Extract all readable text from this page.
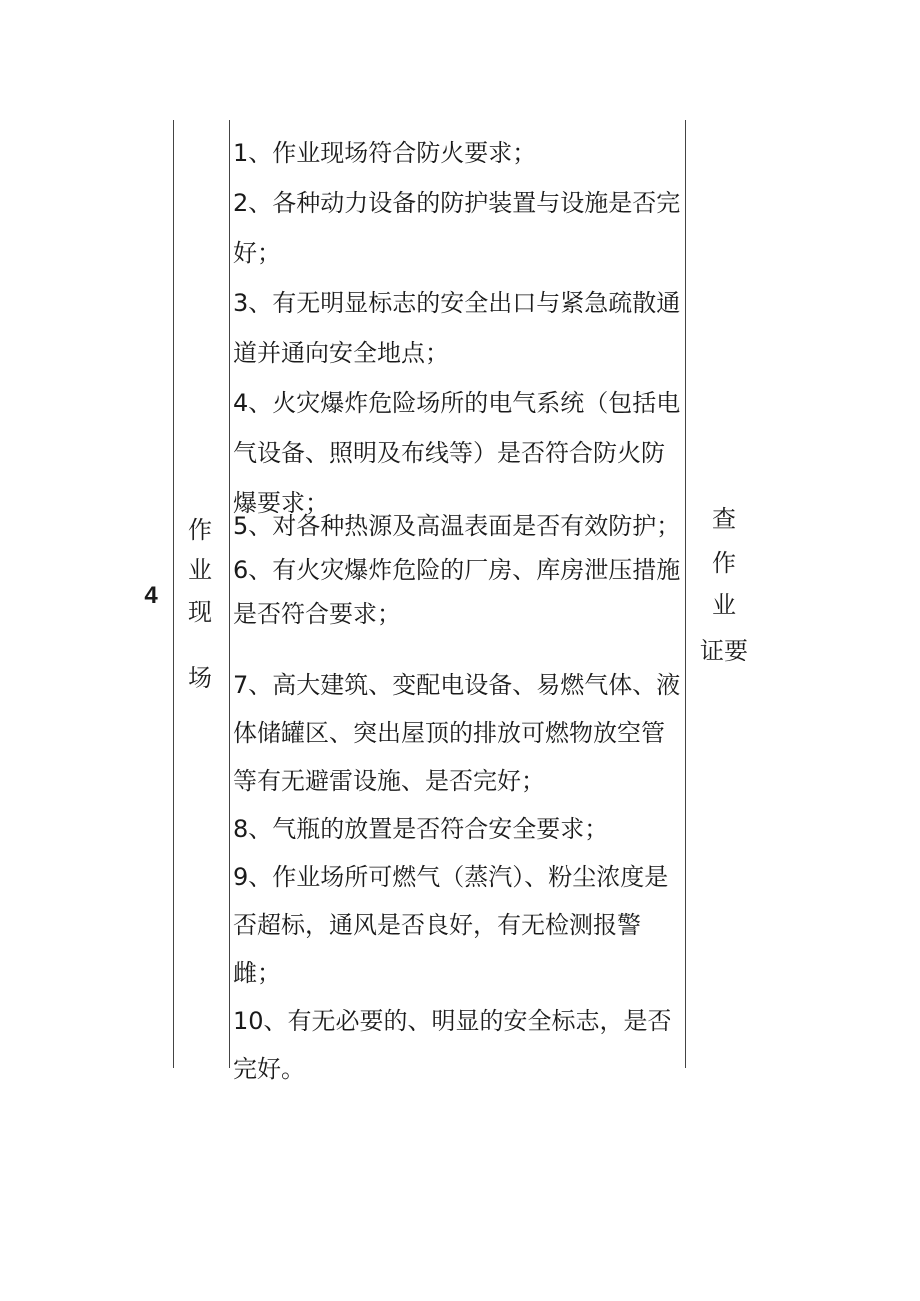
4
作
业
现
场

1、作业现场符合防火要求；

2、各种动力设备的防护装置与设施是否完好；

3、有无明显标志的安全出口与紧急疏散通道并通向安全地点；

4、火灾爆炸危险场所的电气系统（包括电气设备、照明及布线等）是否符合防火防爆要求；

5、对各种热源及高温表面是否有效防护；

6、有火灾爆炸危险的厂房、库房泄压措施是否符合要求；

7、高大建筑、变配电设备、易燃气体、液体储罐区、突出屋顶的排放可燃物放空管等有无避雷设施、是否完好；

8、气瓶的放置是否符合安全要求；

9、作业场所可燃气（蒸汽）、粉尘浓度是否超标，通风是否良好，有无检测报警雌；

10、有无必要的、明显的安全标志，是否完好。

查
作
业
证要
